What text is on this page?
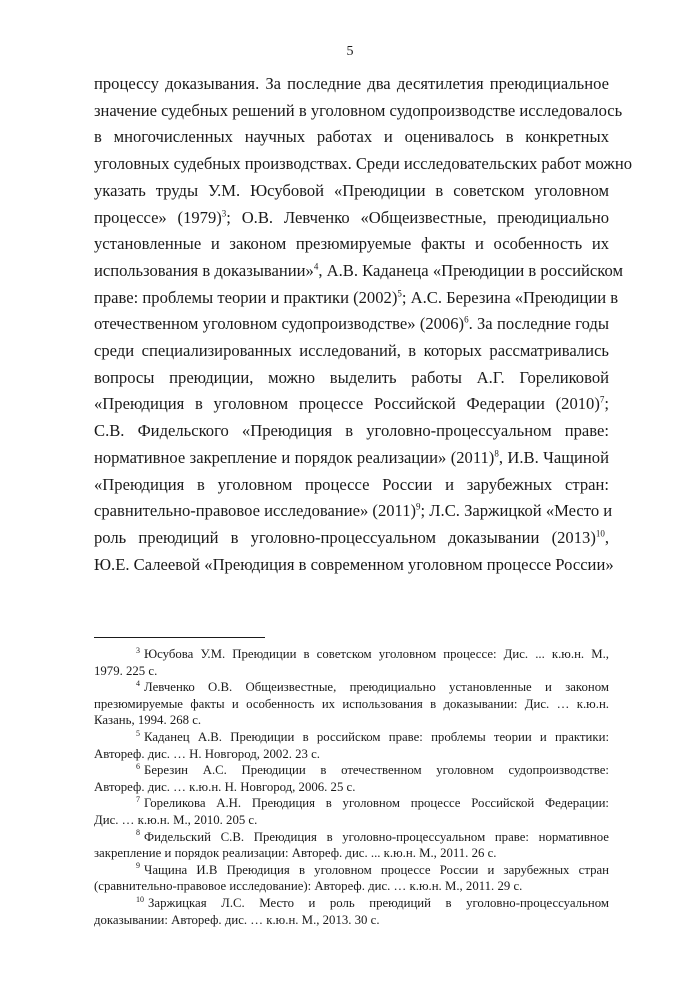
5
процессу доказывания. За последние два десятилетия преюдициальное
значение судебных решений в уголовном судопроизводстве исследовалось
в многочисленных научных работах и оценивалось в конкретных
уголовных судебных производствах. Среди исследовательских работ можно
указать труды У.М. Юсубовой «Преюдиции в советском уголовном
процессе» $(1979)^3$; О.В. Левченко «Общеизвестные, преюдициально
установленные и законом презюмируемые факты и особенность их
использования в доказывании»$^4$, А.В. Каданеца «Преюдиции в российском
праве: проблемы теории и практики $(2002)^5$; А.С. Березина «Преюдиции в
отечественном уголовном судопроизводстве» $(2006)^6$. За последние годы
среди специализированных исследований, в которых рассматривались
вопросы преюдиции, можно выделить работы А.Г. Гореликовой
«Преюдиция в уголовном процессе Российской Федерации $(2010)^7$;
С.В. Фидельского «Преюдиция в уголовно-процессуальном праве:
нормативное закрепление и порядок реализации» $(2011)^8$, И.В. Чащиной
«Преюдиция в уголовном процессе России и зарубежных стран:
сравнительно-правовое исследование» $(2011)^9$; Л.С. Заржицкой «Место и
роль преюдиций в уголовно-процессуальном доказывании $(2013)^{10}$,
Ю.Е. Салеевой «Преюдиция в современном уголовном процессе России»
$^3$ Юсубова У.М. Преюдиции в советском уголовном процессе: Дис. ... к.ю.н. М.,
1979. 225 с.
$^4$ Левченко О.В. Общеизвестные, преюдициально установленные и законом
презюмируемые факты и особенность их использования в доказывании: Дис. … к.ю.н.
Казань, 1994. 268 с.
$^5$ Каданец А.В. Преюдиции в российском праве: проблемы теории и практики:
Автореф. дис. … Н. Новгород, 2002. 23 с.
$^6$ Березин А.С. Преюдиции в отечественном уголовном судопроизводстве:
Автореф. дис. … к.ю.н. Н. Новгород, 2006. 25 с.
$^7$ Гореликова А.Н. Преюдиция в уголовном процессе Российской Федерации:
Дис. … к.ю.н. М., 2010. 205 с.
$^8$ Фидельский С.В. Преюдиция в уголовно-процессуальном праве: нормативное
закрепление и порядок реализации: Автореф. дис. ... к.ю.н. М., 2011. 26 с.
$^9$ Чащина И.В Преюдиция в уголовном процессе России и зарубежных стран
(сравнительно-правовое исследование): Автореф. дис. … к.ю.н. М., 2011. 29 с.
$^{10}$ Заржицкая Л.С. Место и роль преюдиций в уголовно-процессуальном
доказывании: Автореф. дис. … к.ю.н. М., 2013. 30 с.
